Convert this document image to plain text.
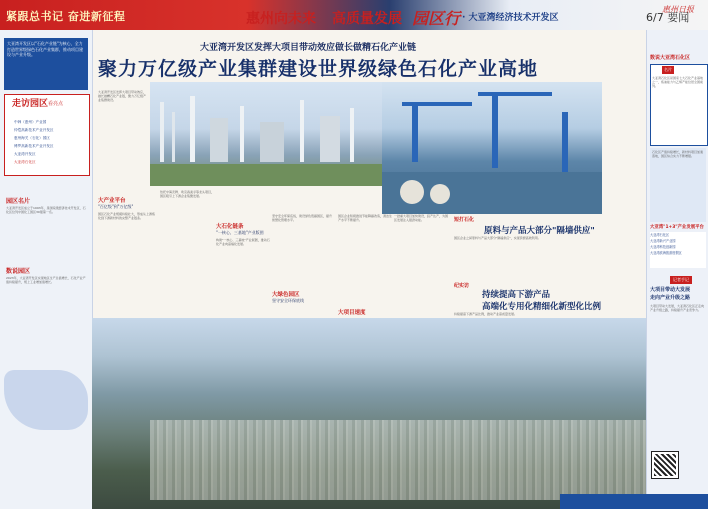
紧跟总书记 奋进新征程	惠州向未来 高质量发展 园区行 · 大亚湾经济技术开发区
惠州日报
6/7 要闻
大亚湾开发区以"石化产业链"为核心，全力打造世界级绿色石化产业集群，推动项目建设与产业升级。
走访园区 看亮点
中韩（惠州）产业园
仲恺高新技术产业开发区
惠州海关（石化）园区
博罗高新技术产业开发区
大亚湾开发区
大亚湾石化区
园区名片
大亚湾开发区成立于1993年，是国家级经济技术开发区，石化区位列中国化工园区30强第一名。
数说园区
2023年，大亚湾开发区实现地区生产总值增长，石化产业产值持续提升，规上工业增加值增长。
大亚湾开发区发挥大项目带动效应做长做精石化产业链
聚力万亿级产业集群建设世界级绿色石化产业高地
大亚湾开发区发挥大项目带动效应，做长做精石化产业链，聚力万亿级产业集群建设。
大产业平台
"百亿级"到"万亿级"
园区石化产业规模持续壮大，形成从上游炼化到下游新材料的完整产业链条。
依托中海壳牌、埃克森美孚等龙头项目，园区吸引上下游企业集聚发展。
大石化链条
"一核心、三基地"产业版图
构建"一核心、三基地"产业版图，推动石化产业向高端化发展。
大绿色园区
坚守安全环保底线
坚守安全环保底线，建设绿色低碳园区，提升智慧化管理水平。
园区企业积极推进节能降碳改造，清洁生产水平不断提升。
大项目速度
一批重大项目加快建设，投产达产，为园区发展注入强劲动能。	短打石化
原料与产品大部分"隔墙供应"
园区企业之间原料与产品大部分"隔墙供应"，实现资源高效利用。
纪实访
持续提高下游产品
高端化专用化精细化新型化比例
持续提高下游产品比例，推动产业高质量发展。
数说大亚湾石化区
名片
大亚湾石化区是国家七大石化产业基地之一，炼油能力与乙烯产能位居全国前列。
石化区产值持续增长，新材料项目加速落地，园区综合实力不断增强。
大亚湾"1+3"产业发展平台
大亚湾石化区
大亚湾新兴产业园
大亚湾科技创新园
大亚湾滨海旅游度假区
记者手记
大项目带动大发展
走向产业升级之路
大项目带动大发展，大亚湾石化区正走向产业升级之路，持续提升产业竞争力。
